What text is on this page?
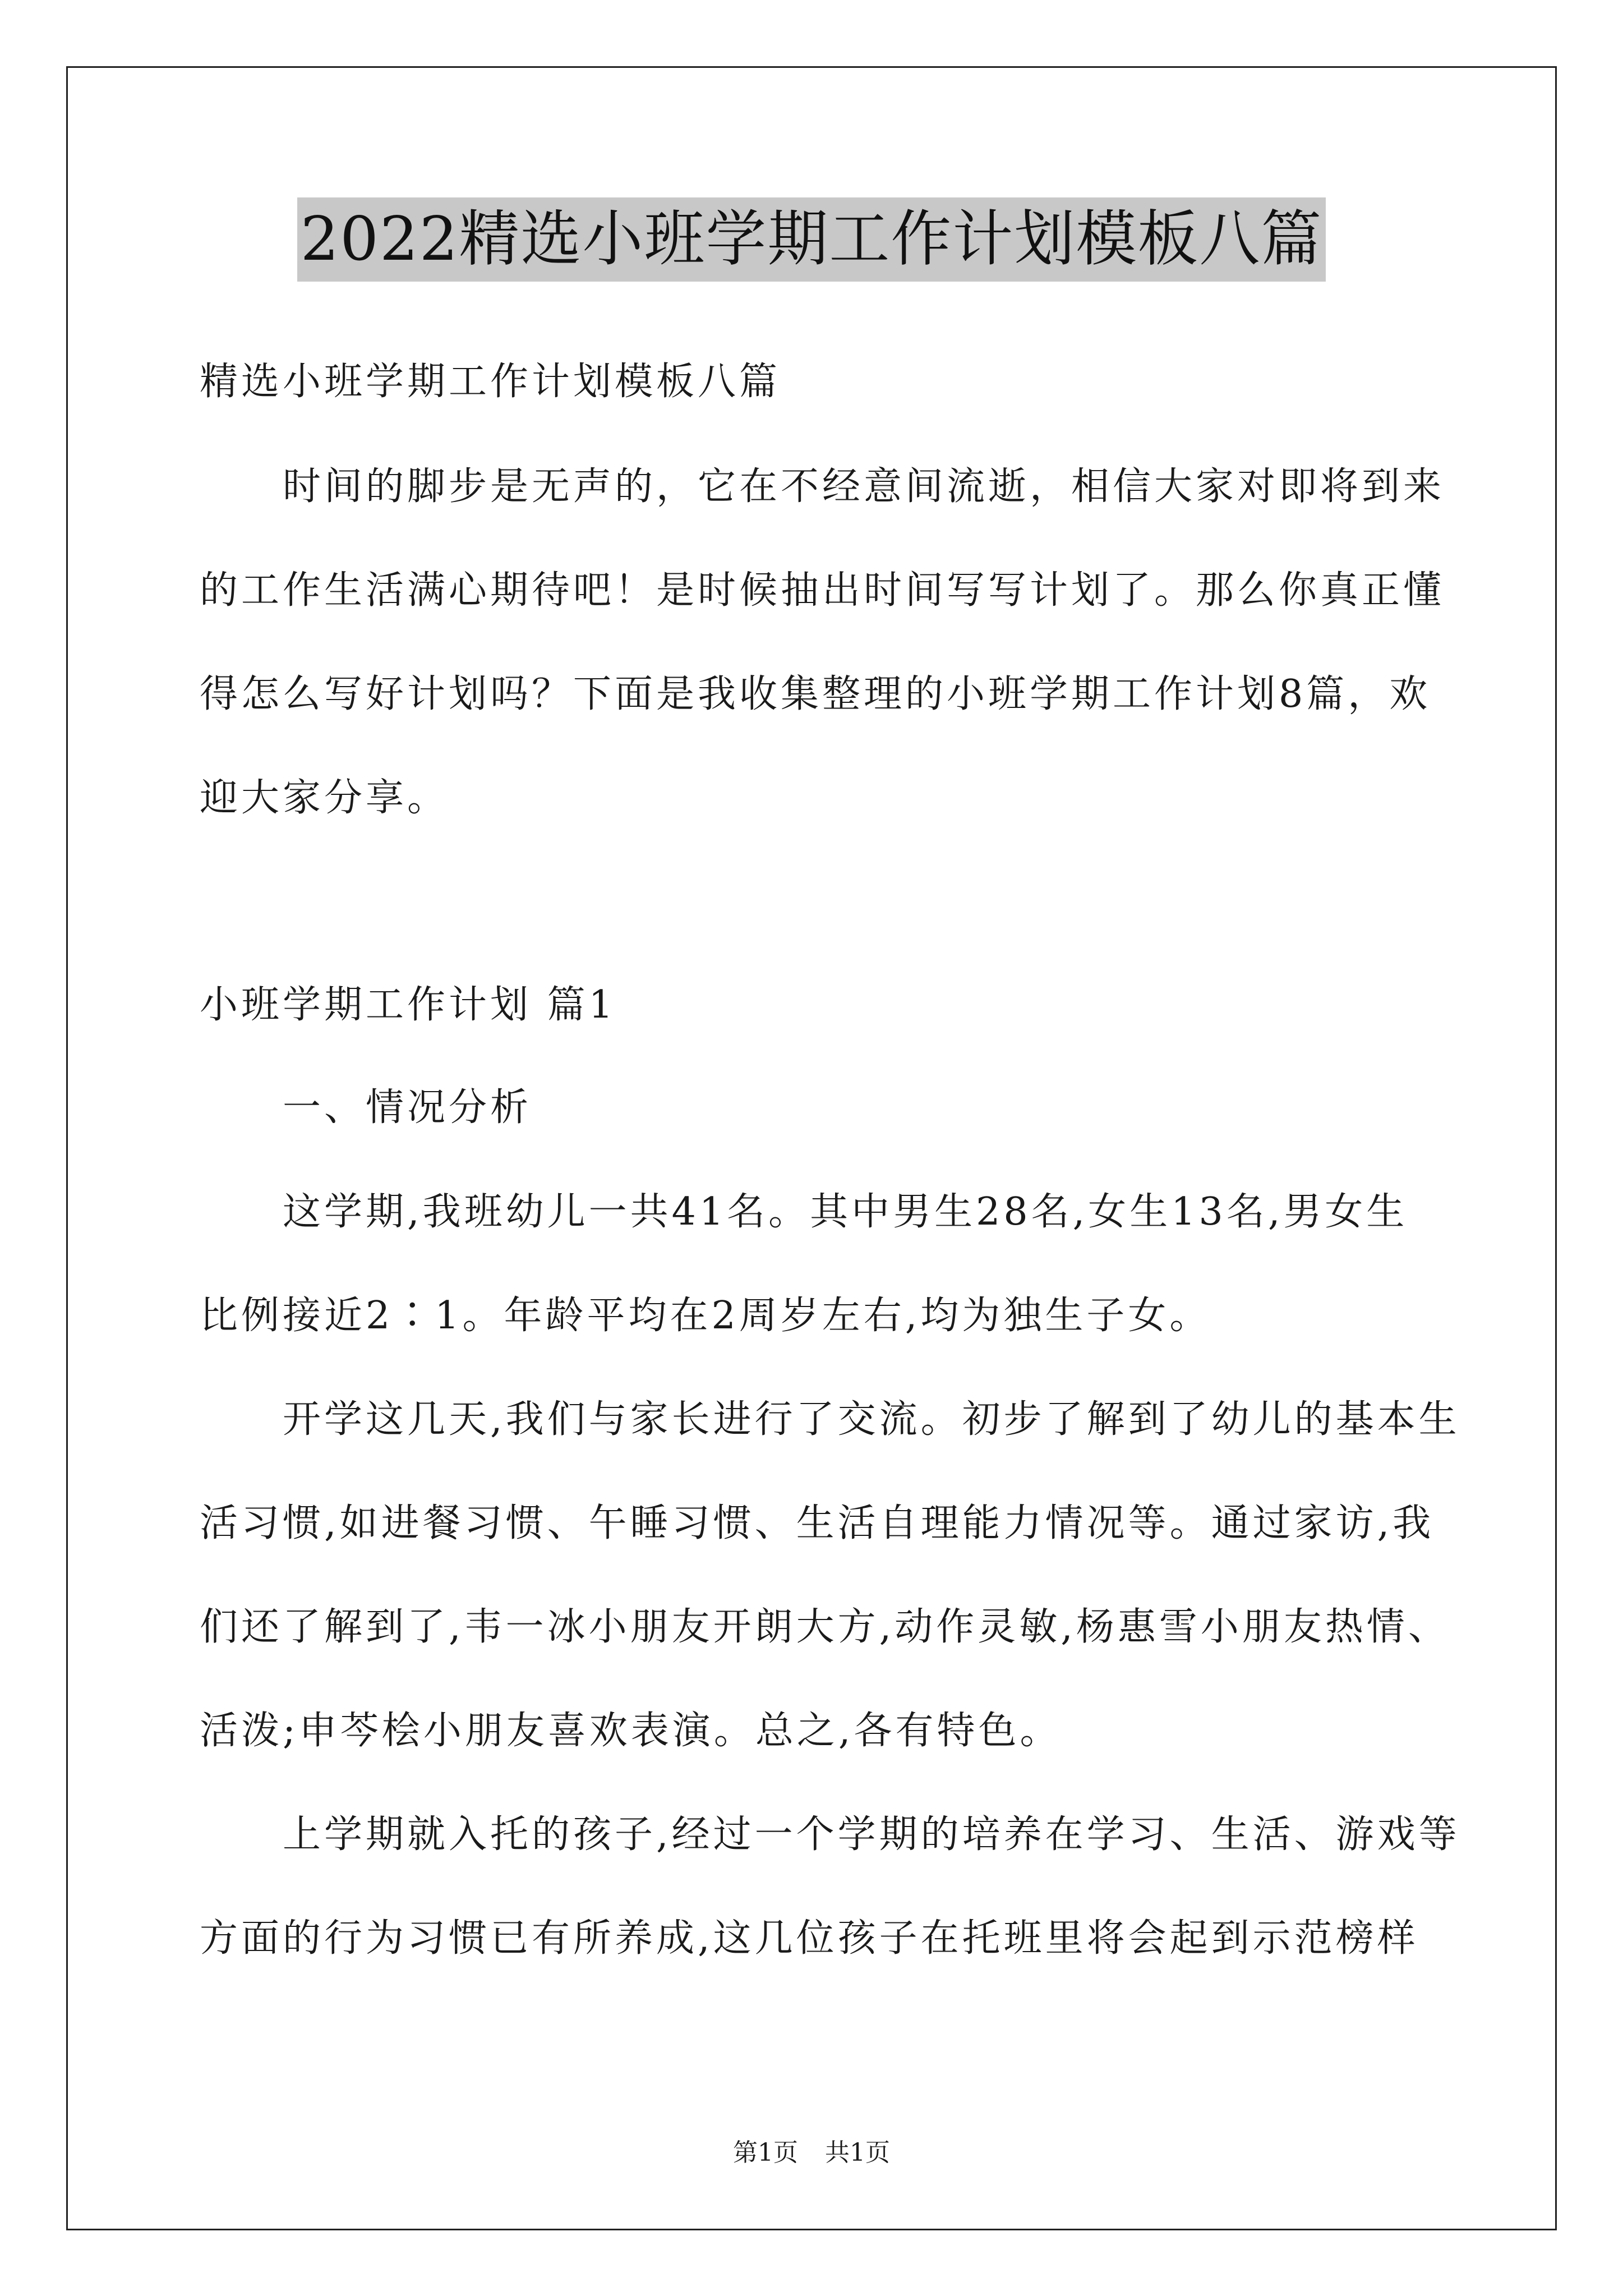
2022精选小班学期工作计划模板八篇
精选小班学期工作计划模板八篇
时间的脚步是无声的，它在不经意间流逝，相信大家对即将到来
的工作生活满心期待吧！是时候抽出时间写写计划了。那么你真正懂
得怎么写好计划吗？下面是我收集整理的小班学期工作计划8篇，欢
迎大家分享。
小班学期工作计划 篇1
一、情况分析
这学期,我班幼儿一共41名。其中男生28名,女生13名,男女生
比例接近2∶1。年龄平均在2周岁左右,均为独生子女。
开学这几天,我们与家长进行了交流。初步了解到了幼儿的基本生
活习惯,如进餐习惯、午睡习惯、生活自理能力情况等。通过家访,我
们还了解到了,韦一冰小朋友开朗大方,动作灵敏,杨惠雪小朋友热情、
活泼;申芩桧小朋友喜欢表演。总之,各有特色。
上学期就入托的孩子,经过一个学期的培养在学习、生活、游戏等
方面的行为习惯已有所养成,这几位孩子在托班里将会起到示范榜样
第1页 共1页
